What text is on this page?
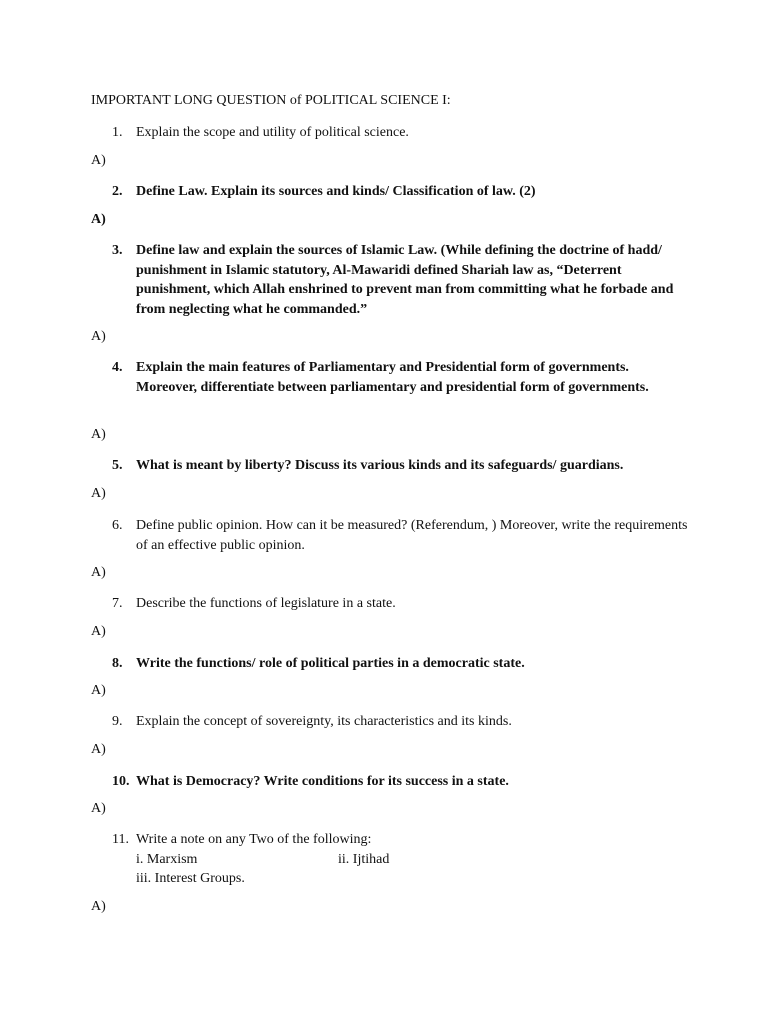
IMPORTANT LONG QUESTION of POLITICAL SCIENCE I:
1. Explain the scope and utility of political science.
A)
2. Define Law. Explain its sources and kinds/ Classification of law. (2)
A)
3. Define law and explain the sources of Islamic Law. (While defining the doctrine of hadd/ punishment in Islamic statutory, Al-Mawaridi defined Shariah law as, “Deterrent punishment, which Allah enshrined to prevent man from committing what he forbade and from neglecting what he commanded.”
A)
4. Explain the main features of Parliamentary and Presidential form of governments. Moreover, differentiate between parliamentary and presidential form of governments.
A)
5. What is meant by liberty? Discuss its various kinds and its safeguards/ guardians.
A)
6. Define public opinion. How can it be measured? (Referendum, ) Moreover, write the requirements of an effective public opinion.
A)
7. Describe the functions of legislature in a state.
A)
8. Write the functions/ role of political parties in a democratic state.
A)
9. Explain the concept of sovereignty, its characteristics and its kinds.
A)
10. What is Democracy? Write conditions for its success in a state.
A)
11. Write a note on any Two of the following:
i. Marxism	ii. Ijtihad
iii. Interest Groups.
A)
